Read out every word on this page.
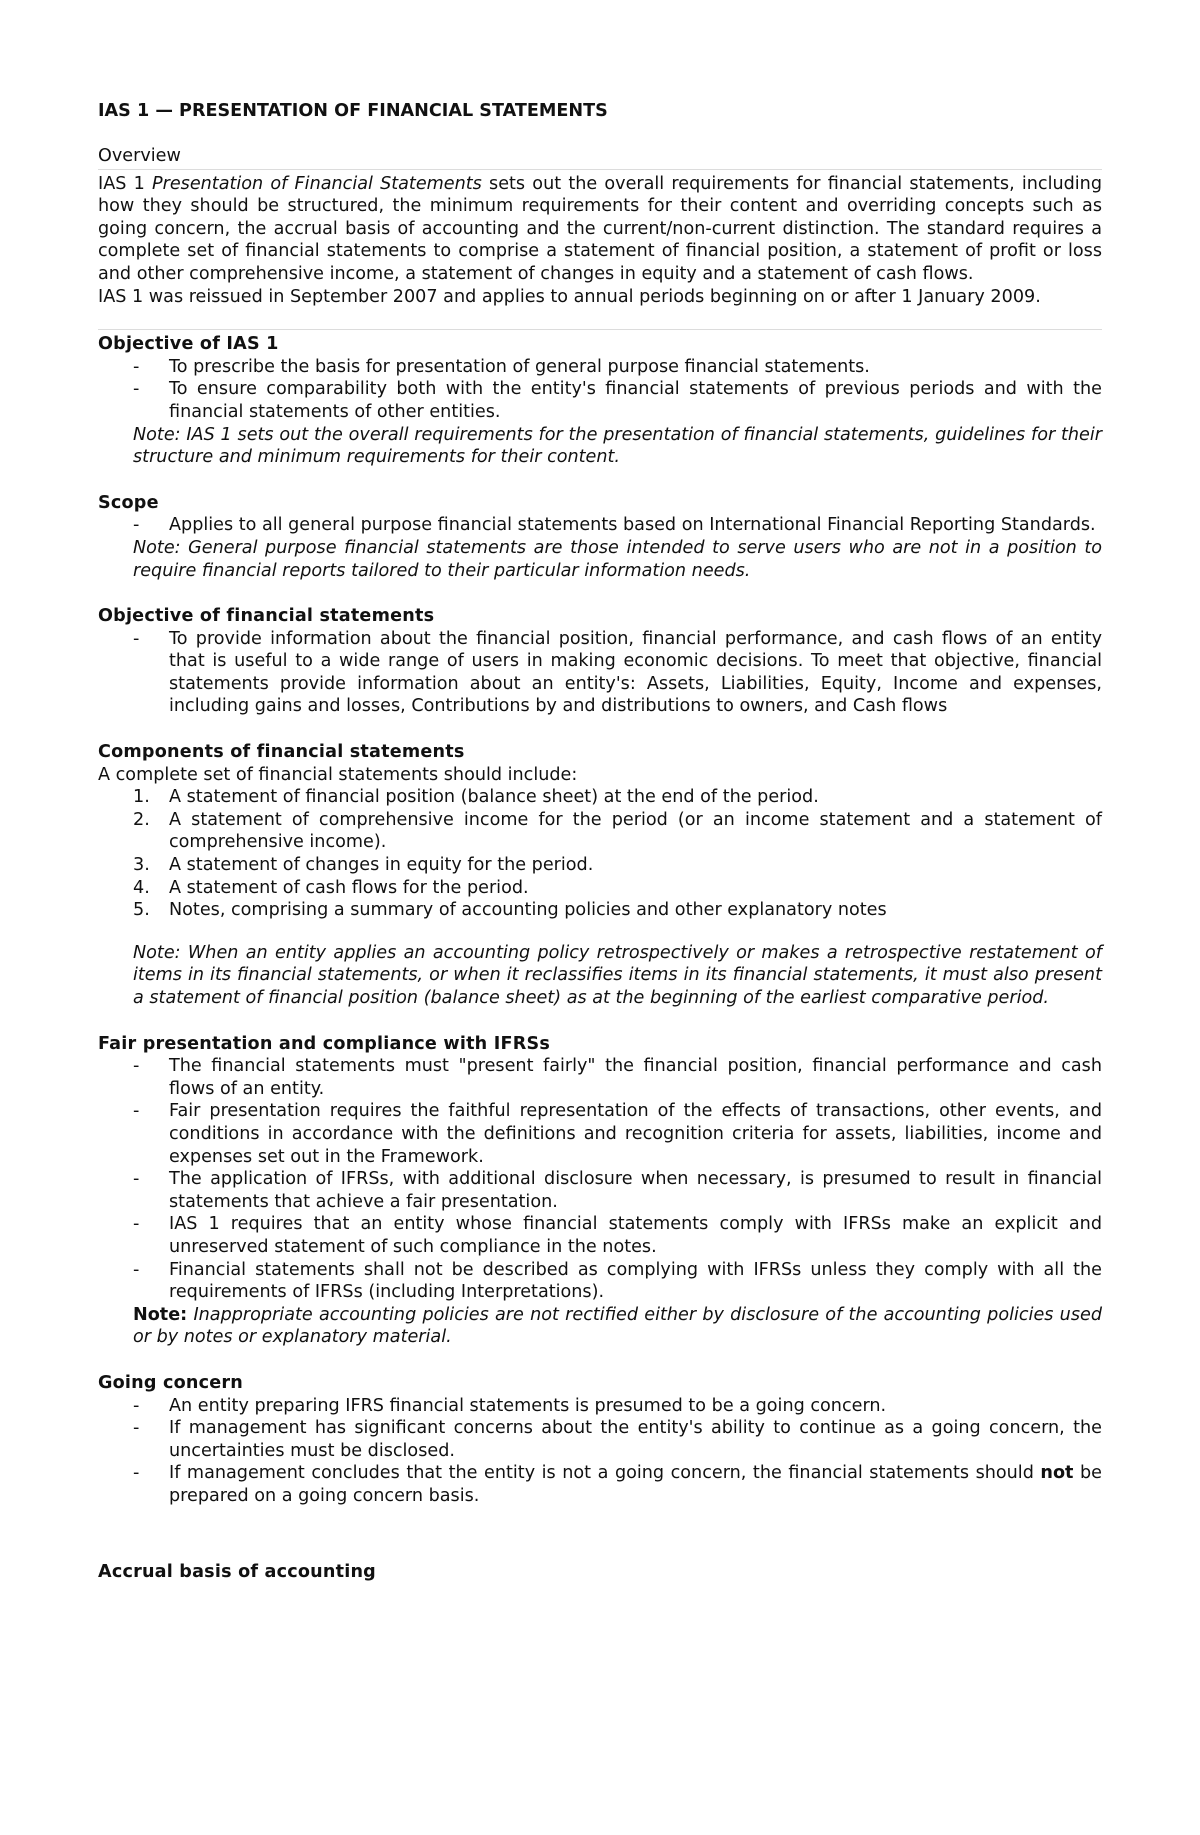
IAS 1 — PRESENTATION OF FINANCIAL STATEMENTS

Overview

IAS 1 Presentation of Financial Statements sets out the overall requirements for financial statements, including how they should be structured, the minimum requirements for their content and overriding concepts such as going concern, the accrual basis of accounting and the current/non-current distinction. The standard requires a complete set of financial statements to comprise a statement of financial position, a statement of profit or loss and other comprehensive income, a statement of changes in equity and a statement of cash flows.

IAS 1 was reissued in September 2007 and applies to annual periods beginning on or after 1 January 2009.

Objective of IAS 1
- To prescribe the basis for presentation of general purpose financial statements.
- To ensure comparability both with the entity's financial statements of previous periods and with the financial statements of other entities.

Note: IAS 1 sets out the overall requirements for the presentation of financial statements, guidelines for their structure and minimum requirements for their content.

Scope
- Applies to all general purpose financial statements based on International Financial Reporting Standards.

Note: General purpose financial statements are those intended to serve users who are not in a position to require financial reports tailored to their particular information needs.

Objective of financial statements
- To provide information about the financial position, financial performance, and cash flows of an entity that is useful to a wide range of users in making economic decisions. To meet that objective, financial statements provide information about an entity's: Assets, Liabilities, Equity, Income and expenses, including gains and losses, Contributions by and distributions to owners, and Cash flows
Components of financial statements

A complete set of financial statements should include:

1. A statement of financial position (balance sheet) at the end of the period.
2. A statement of comprehensive income for the period (or an income statement and a statement of comprehensive income).
3. A statement of changes in equity for the period.
4. A statement of cash flows for the period.
5. Notes, comprising a summary of accounting policies and other explanatory notes

Note: When an entity applies an accounting policy retrospectively or makes a retrospective restatement of items in its financial statements, or when it reclassifies items in its financial statements, it must also present a statement of financial position (balance sheet) as at the beginning of the earliest comparative period.

Fair presentation and compliance with IFRSs
- The financial statements must "present fairly" the financial position, financial performance and cash flows of an entity.
- Fair presentation requires the faithful representation of the effects of transactions, other events, and conditions in accordance with the definitions and recognition criteria for assets, liabilities, income and expenses set out in the Framework.
- The application of IFRSs, with additional disclosure when necessary, is presumed to result in financial statements that achieve a fair presentation.
- IAS 1 requires that an entity whose financial statements comply with IFRSs make an explicit and unreserved statement of such compliance in the notes.
- Financial statements shall not be described as complying with IFRSs unless they comply with all the requirements of IFRSs (including Interpretations).

Note: Inappropriate accounting policies are not rectified either by disclosure of the accounting policies used or by notes or explanatory material.

Going concern
- An entity preparing IFRS financial statements is presumed to be a going concern.
- If management has significant concerns about the entity's ability to continue as a going concern, the uncertainties must be disclosed.
- If management concludes that the entity is not a going concern, the financial statements should not be prepared on a going concern basis.
Accrual basis of accounting
